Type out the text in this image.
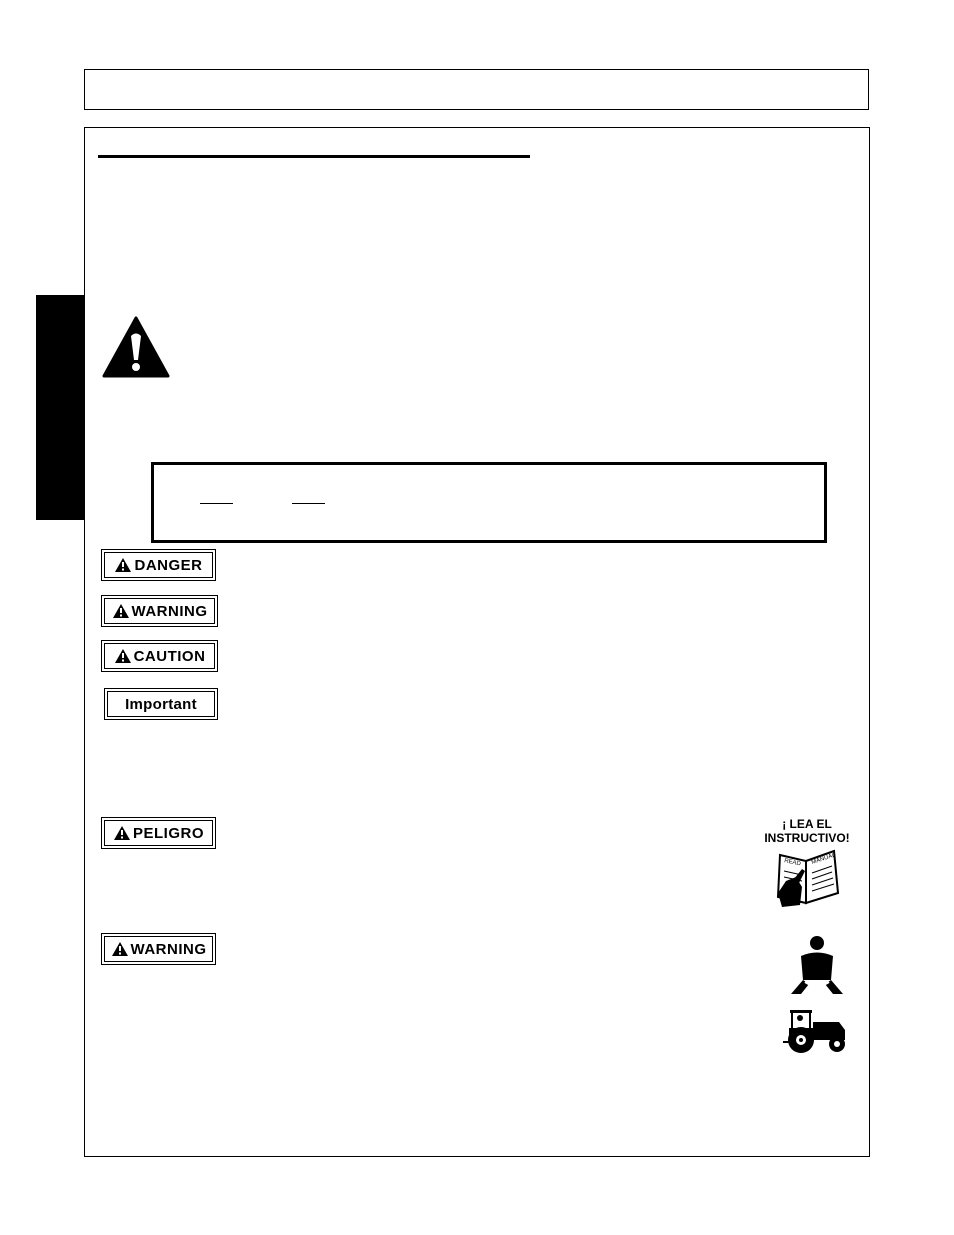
DANGER
WARNING
CAUTION
Important
PELIGRO
WARNING
¡ LEA EL
INSTRUCTIVO!
READ MANUAL
